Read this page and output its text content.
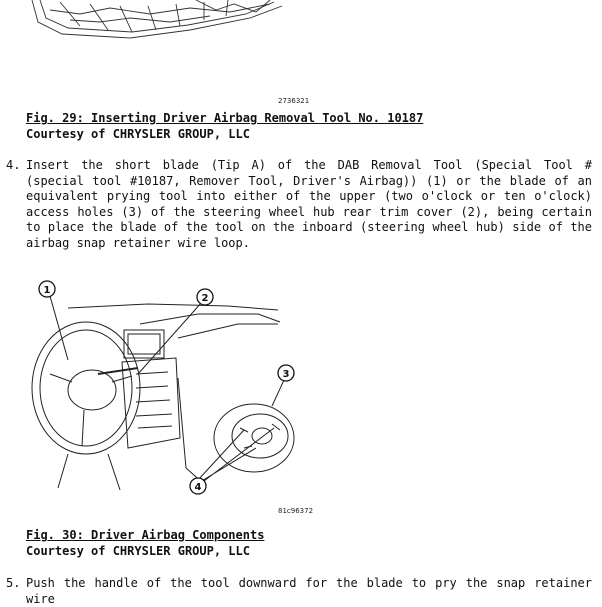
2736321
Fig. 29: Inserting Driver Airbag Removal Tool No. 10187
Courtesy of CHRYSLER GROUP, LLC
4. Insert the short blade (Tip A) of the DAB Removal Tool (Special Tool # (special tool #10187, Remover Tool, Driver's Airbag)) (1) or the blade of an equivalent prying tool into either of the upper (two o'clock or ten o'clock) access holes (3) of the steering wheel hub rear trim cover (2), being certain to place the blade of the tool on the inboard (steering wheel hub) side of the airbag snap retainer wire loop.
1
2
3
4
81c96372
Fig. 30: Driver Airbag Components
Courtesy of CHRYSLER GROUP, LLC
5. Push the handle of the tool downward for the blade to pry the snap retainer wire
